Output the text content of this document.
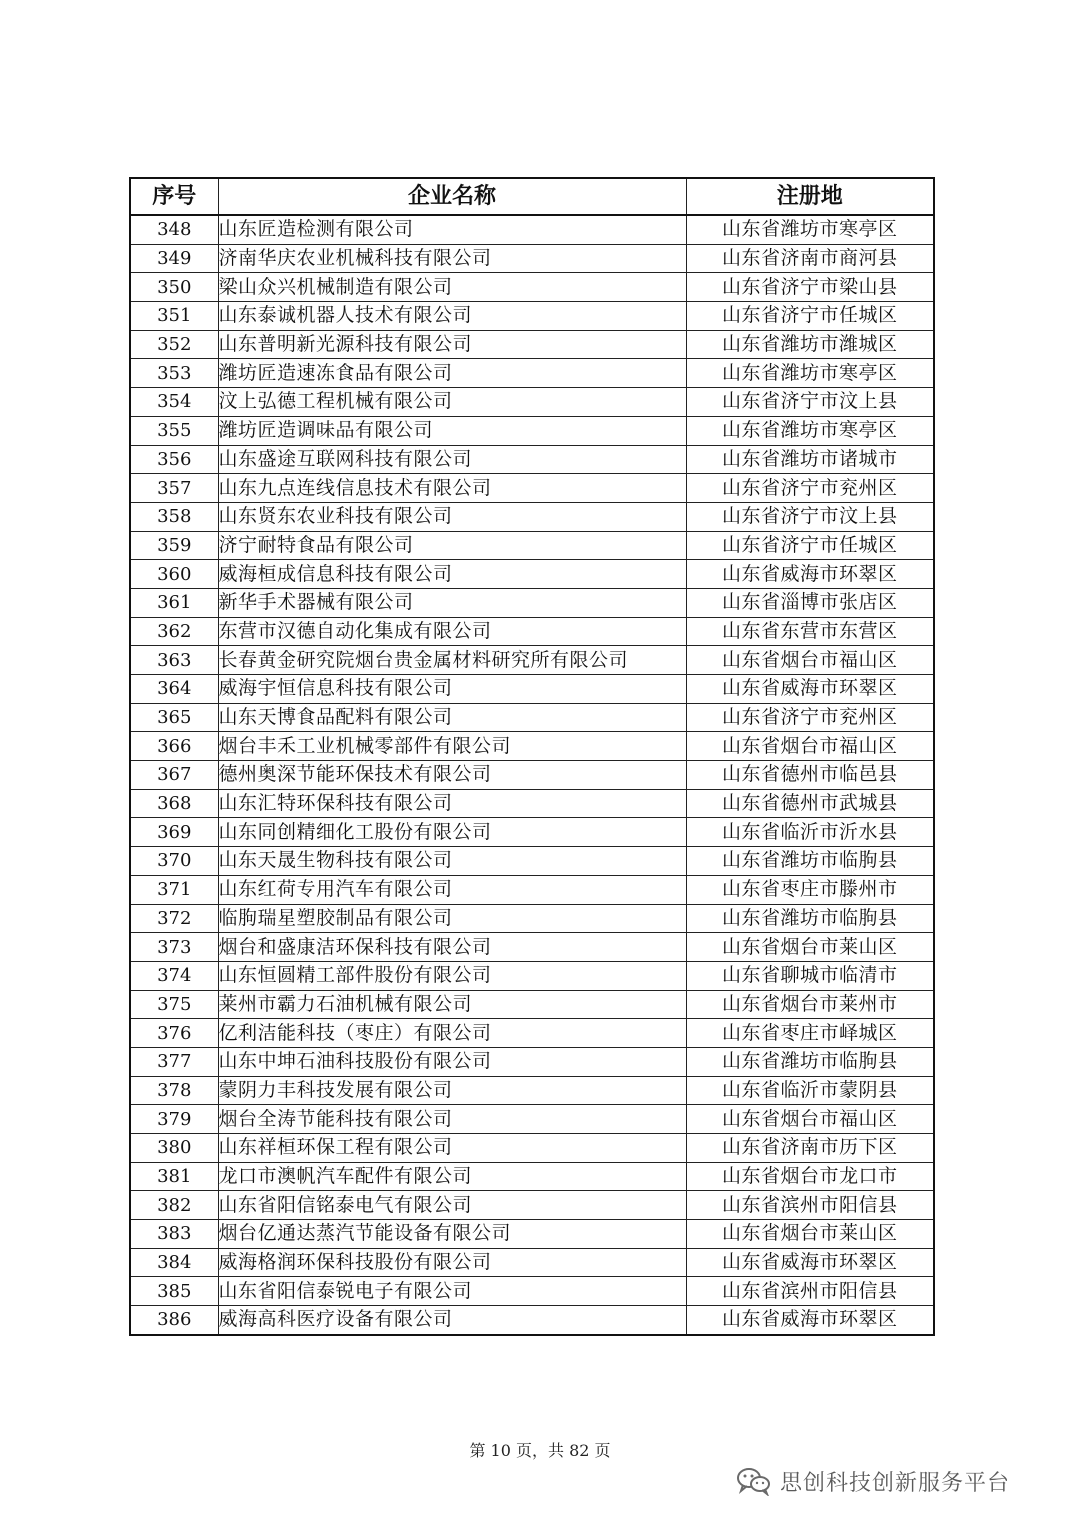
序号	企业名称	注册地
348	山东匠造检测有限公司	山东省潍坊市寒亭区
349	济南华庆农业机械科技有限公司	山东省济南市商河县
350	梁山众兴机械制造有限公司	山东省济宁市梁山县
351	山东泰诚机器人技术有限公司	山东省济宁市任城区
352	山东普明新光源科技有限公司	山东省潍坊市潍城区
353	潍坊匠造速冻食品有限公司	山东省潍坊市寒亭区
354	汶上弘德工程机械有限公司	山东省济宁市汶上县
355	潍坊匠造调味品有限公司	山东省潍坊市寒亭区
356	山东盛途互联网科技有限公司	山东省潍坊市诸城市
357	山东九点连线信息技术有限公司	山东省济宁市兖州区
358	山东贤东农业科技有限公司	山东省济宁市汶上县
359	济宁耐特食品有限公司	山东省济宁市任城区
360	威海桓成信息科技有限公司	山东省威海市环翠区
361	新华手术器械有限公司	山东省淄博市张店区
362	东营市汉德自动化集成有限公司	山东省东营市东营区
363	长春黄金研究院烟台贵金属材料研究所有限公司	山东省烟台市福山区
364	威海宇恒信息科技有限公司	山东省威海市环翠区
365	山东天博食品配料有限公司	山东省济宁市兖州区
366	烟台丰禾工业机械零部件有限公司	山东省烟台市福山区
367	德州奥深节能环保技术有限公司	山东省德州市临邑县
368	山东汇特环保科技有限公司	山东省德州市武城县
369	山东同创精细化工股份有限公司	山东省临沂市沂水县
370	山东天晟生物科技有限公司	山东省潍坊市临朐县
371	山东红荷专用汽车有限公司	山东省枣庄市滕州市
372	临朐瑞星塑胶制品有限公司	山东省潍坊市临朐县
373	烟台和盛康洁环保科技有限公司	山东省烟台市莱山区
374	山东恒圆精工部件股份有限公司	山东省聊城市临清市
375	莱州市霸力石油机械有限公司	山东省烟台市莱州市
376	亿利洁能科技（枣庄）有限公司	山东省枣庄市峄城区
377	山东中坤石油科技股份有限公司	山东省潍坊市临朐县
378	蒙阴力丰科技发展有限公司	山东省临沂市蒙阴县
379	烟台全涛节能科技有限公司	山东省烟台市福山区
380	山东祥桓环保工程有限公司	山东省济南市历下区
381	龙口市澳帆汽车配件有限公司	山东省烟台市龙口市
382	山东省阳信铭泰电气有限公司	山东省滨州市阳信县
383	烟台亿通达蒸汽节能设备有限公司	山东省烟台市莱山区
384	威海格润环保科技股份有限公司	山东省威海市环翠区
385	山东省阳信泰锐电子有限公司	山东省滨州市阳信县
386	威海高科医疗设备有限公司	山东省威海市环翠区
第 10 页，共 82 页
思创科技创新服务平台
